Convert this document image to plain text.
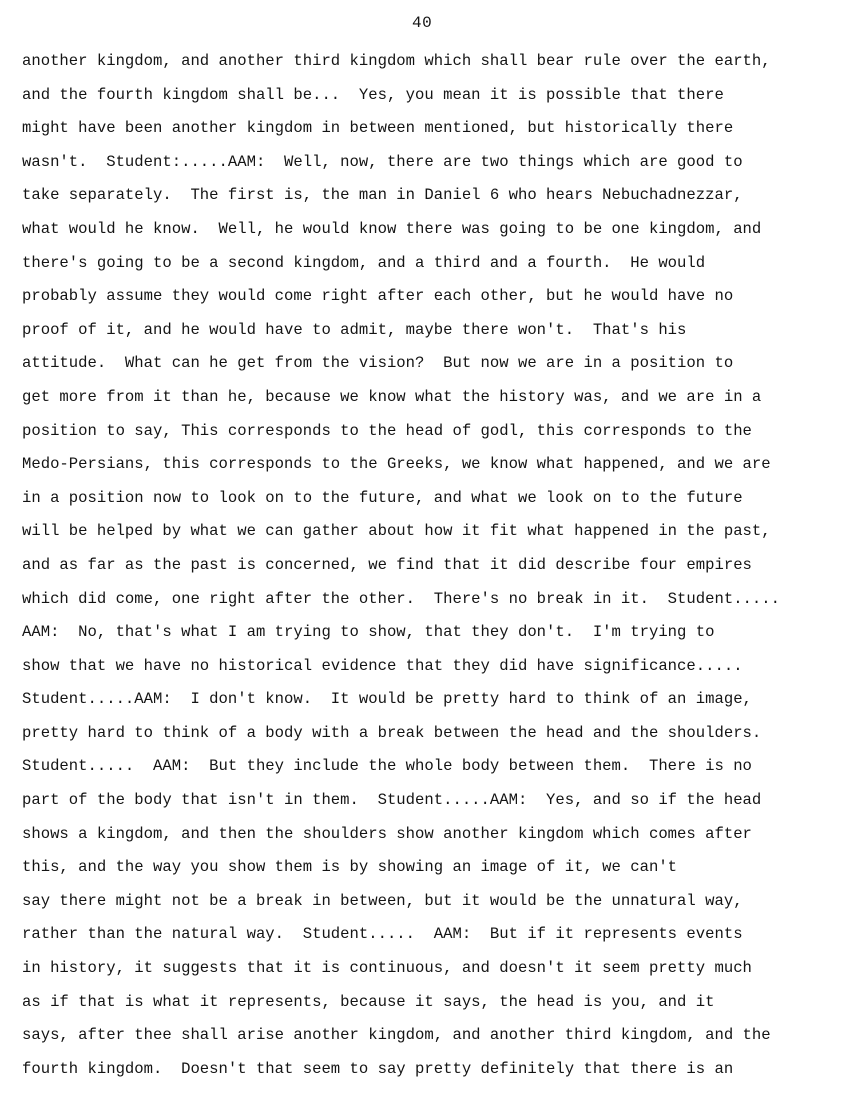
40
another kingdom, and another third kingdom which shall bear rule over the earth,
and the fourth kingdom shall be...  Yes, you mean it is possible that there
might have been another kingdom in between mentioned, but historically there
wasn't.  Student:.....AAM:  Well, now, there are two things which are good to
take separately.  The first is, the man in Daniel 6 who hears Nebuchadnezzar,
what would he know.  Well, he would know there was going to be one kingdom, and
there's going to be a second kingdom, and a third and a fourth.  He would
probably assume they would come right after each other, but he would have no
proof of it, and he would have to admit, maybe there won't.  That's his
attitude.  What can he get from the vision?  But now we are in a position to
get more from it than he, because we know what the history was, and we are in a
position to say, This corresponds to the head of godl, this corresponds to the
Medo-Persians, this corresponds to the Greeks, we know what happened, and we are
in a position now to look on to the future, and what we look on to the future
will be helped by what we can gather about how it fit what happened in the past,
and as far as the past is concerned, we find that it did describe four empires
which did come, one right after the other.  There's no break in it.  Student.....
AAM:  No, that's what I am trying to show, that they don't.  I'm trying to
show that we have no historical evidence that they did have significance.....
Student.....AAM:  I don't know.  It would be pretty hard to think of an image,
pretty hard to think of a body with a break between the head and the shoulders.
Student.....  AAM:  But they include the whole body between them.  There is no
part of the body that isn't in them.  Student.....AAM:  Yes, and so if the head
shows a kingdom, and then the shoulders show another kingdom which comes after
this, and the way you show them is by showing an image of it, we can't
say there might not be a break in between, but it would be the unnatural way,
rather than the natural way.  Student.....  AAM:  But if it represents events
in history, it suggests that it is continuous, and doesn't it seem pretty much
as if that is what it represents, because it says, the head is you, and it
says, after thee shall arise another kingdom, and another third kingdom, and the
fourth kingdom.  Doesn't that seem to say pretty definitely that there is an
